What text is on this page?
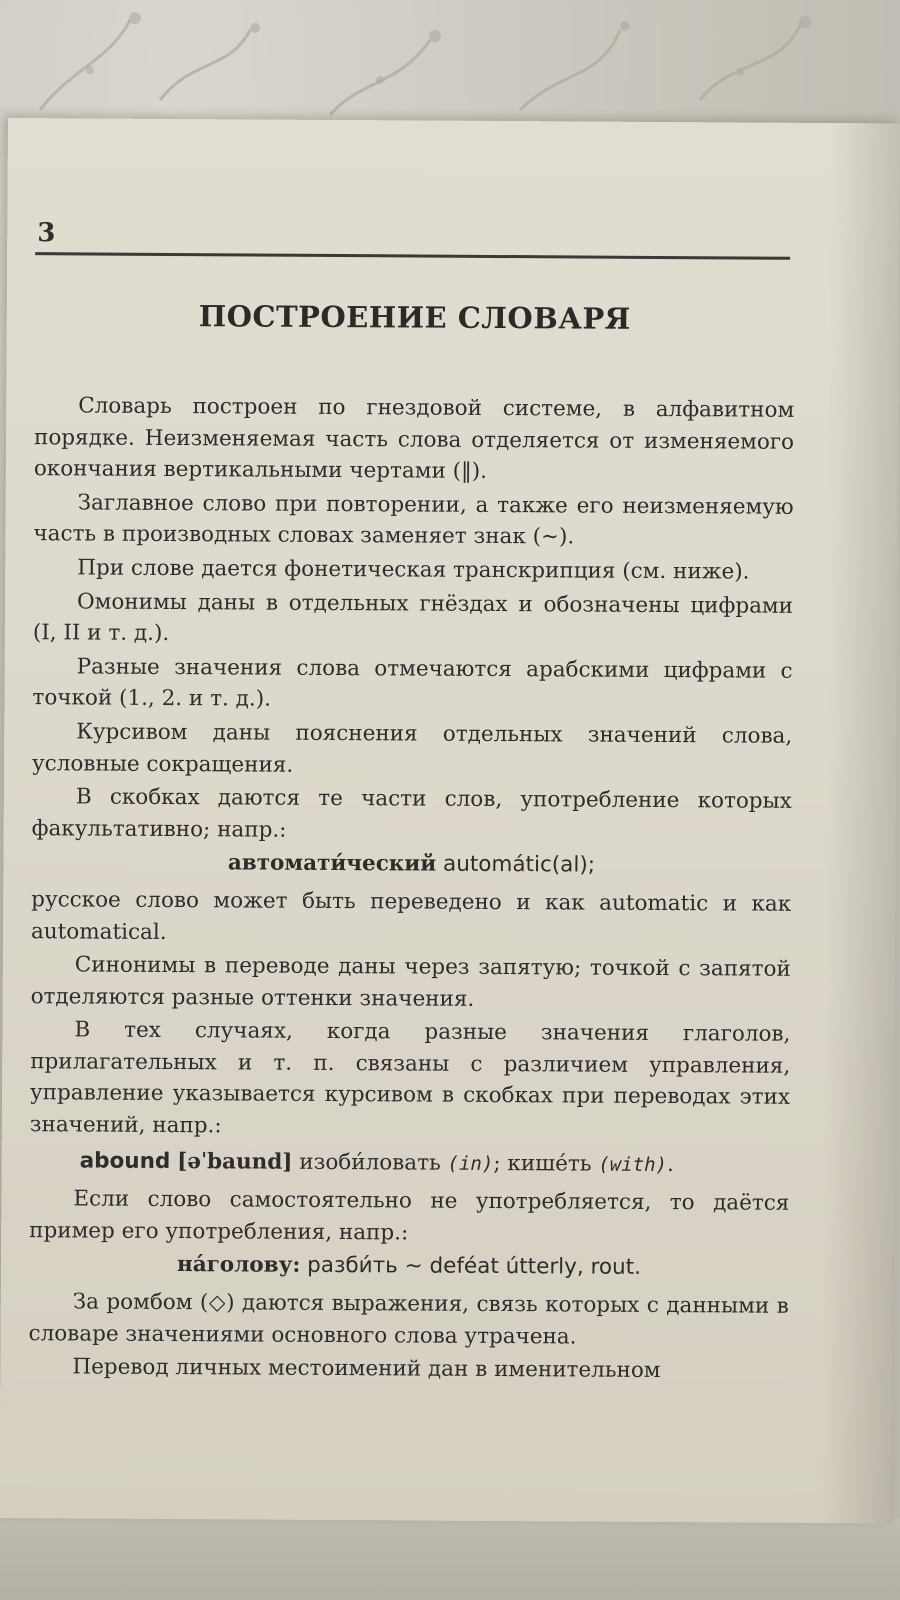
3
ПОСТРОЕНИЕ СЛОВАРЯ

Словарь построен по гнездовой системе, в алфавитном порядке. Неизменяемая часть слова отделяется от изменяемого окончания вертикальными чертами (‖).

Заглавное слово при повторении, а также его неизменяемую часть в производных словах заменяет знак (~).

При слове дается фонетическая транскрипция (см. ниже).

Омонимы даны в отдельных гнёздах и обозначены цифрами (I, II и т. д.).

Разные значения слова отмечаются арабскими цифрами с точкой (1., 2. и т. д.).

Курсивом даны пояснения отдельных значений слова, условные сокращения.

В скобках даются те части слов, употребление которых факультативно; напр.:

автомати́ческий automátic(al);

русское слово может быть переведено и как automatic и как automatical.

Синонимы в переводе даны через запятую; точкой с запятой отделяются разные оттенки значения.

В тех случаях, когда разные значения глаголов, прилагательных и т. п. связаны с различием управления, управление указывается курсивом в скобках при переводах этих значений, напр.:

abound [əˈbaund] изоби́ловать (in); кише́ть (with).

Если слово самостоятельно не употребляется, то даётся пример его употребления, напр.:

на́голову: разби́ть ~ deféat útterly, rout.

За ромбом (◇) даются выражения, связь которых с данными в словаре значениями основного слова утрачена.

Перевод личных местоимений дан в именительном
